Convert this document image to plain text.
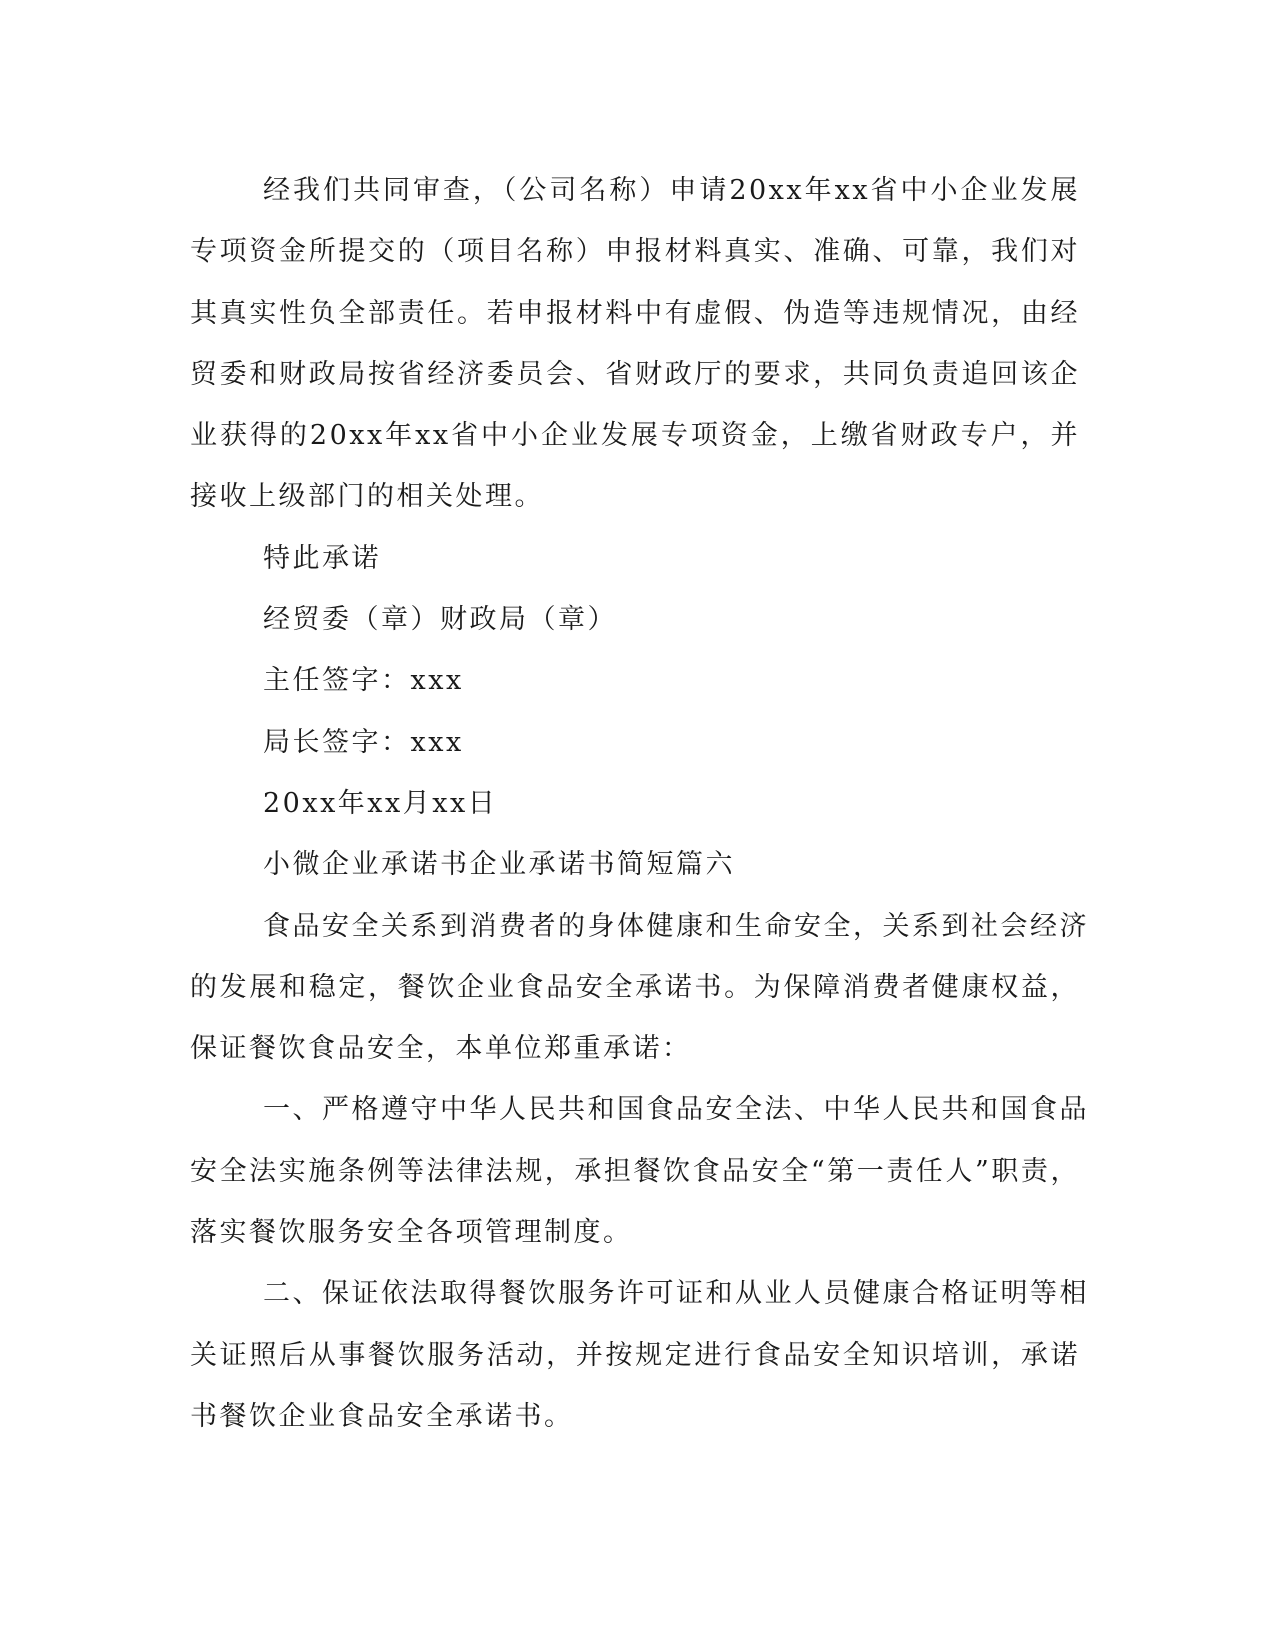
经我们共同审查，（公司名称）申请20xx年xx省中小企业发展
专项资金所提交的（项目名称）申报材料真实、准确、可靠，我们对
其真实性负全部责任。若申报材料中有虚假、伪造等违规情况，由经
贸委和财政局按省经济委员会、省财政厅的要求，共同负责追回该企
业获得的20xx年xx省中小企业发展专项资金，上缴省财政专户，并
接收上级部门的相关处理。
特此承诺
经贸委（章）财政局（章）
主任签字：xxx
局长签字：xxx
20xx年xx月xx日
小微企业承诺书企业承诺书简短篇六
食品安全关系到消费者的身体健康和生命安全，关系到社会经济
的发展和稳定，餐饮企业食品安全承诺书。为保障消费者健康权益，
保证餐饮食品安全，本单位郑重承诺：
一、严格遵守中华人民共和国食品安全法、中华人民共和国食品
安全法实施条例等法律法规，承担餐饮食品安全“第一责任人”职责，
落实餐饮服务安全各项管理制度。
二、保证依法取得餐饮服务许可证和从业人员健康合格证明等相
关证照后从事餐饮服务活动，并按规定进行食品安全知识培训，承诺
书餐饮企业食品安全承诺书。
